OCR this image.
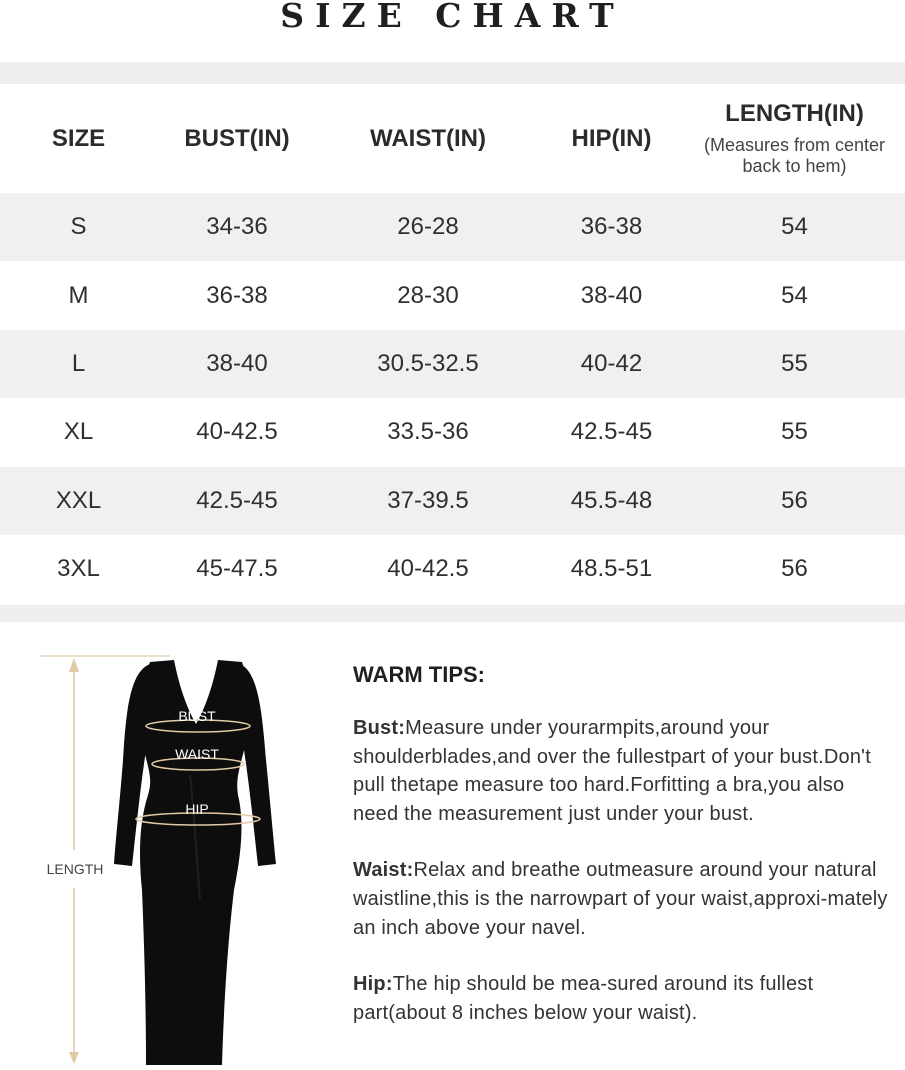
SIZE CHART
SIZE	BUST(IN)	WAIST(IN)	HIP(IN)	LENGTH(IN)
(Measures from center back to hem)

S	34-36	26-28	36-38	54
M	36-38	28-30	38-40	54
L	38-40	30.5-32.5	40-42	55
XL	40-42.5	33.5-36	42.5-45	55
XXL	42.5-45	37-39.5	45.5-48	56
3XL	45-47.5	40-42.5	48.5-51	56
LENGTH
BUST
WAIST
HIP
WARM TIPS:

Bust:Measure under yourarmpits,around your shoulderblades,and over the fullestpart of your bust.Don't pull thetape measure too hard.Forfitting a bra,you also need the measurement just under your bust.

Waist:Relax and breathe outmeasure around your natural waistline,this is the narrowpart of your waist,approxi-mately an inch above your navel.

Hip:The hip should be mea-sured around its fullest part(about 8 inches below your waist).
